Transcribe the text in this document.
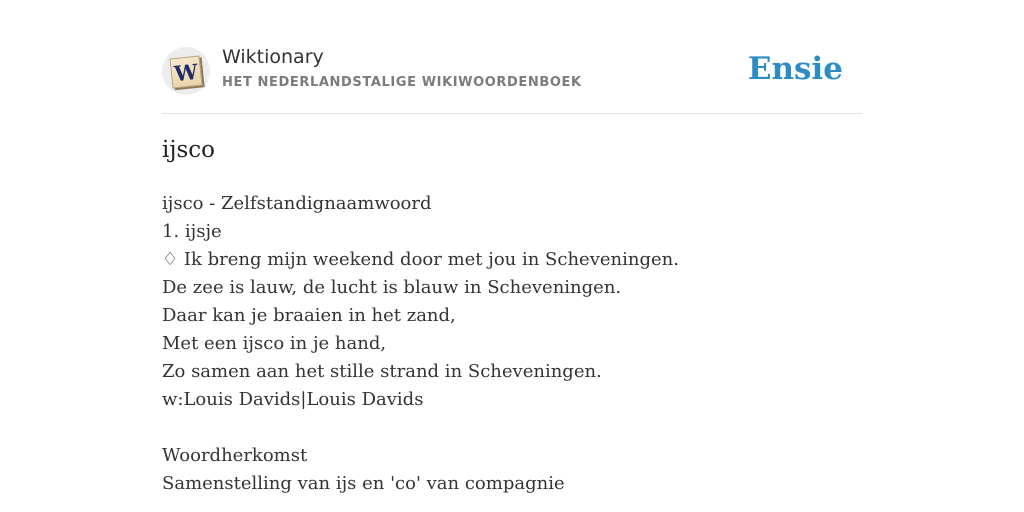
W
Wiktionary
HET NEDERLANDSTALIGE WIKIWOORDENBOEK	Ensie
ijsco
ijsco - Zelfstandignaamwoord
1. ijsje
♢ Ik breng mijn weekend door met jou in Scheveningen.
De zee is lauw, de lucht is blauw in Scheveningen.
Daar kan je braaien in het zand,
Met een ijsco in je hand,
Zo samen aan het stille strand in Scheveningen.
w:Louis Davids|Louis Davids
Woordherkomst
Samenstelling van ijs en 'co' van compagnie
